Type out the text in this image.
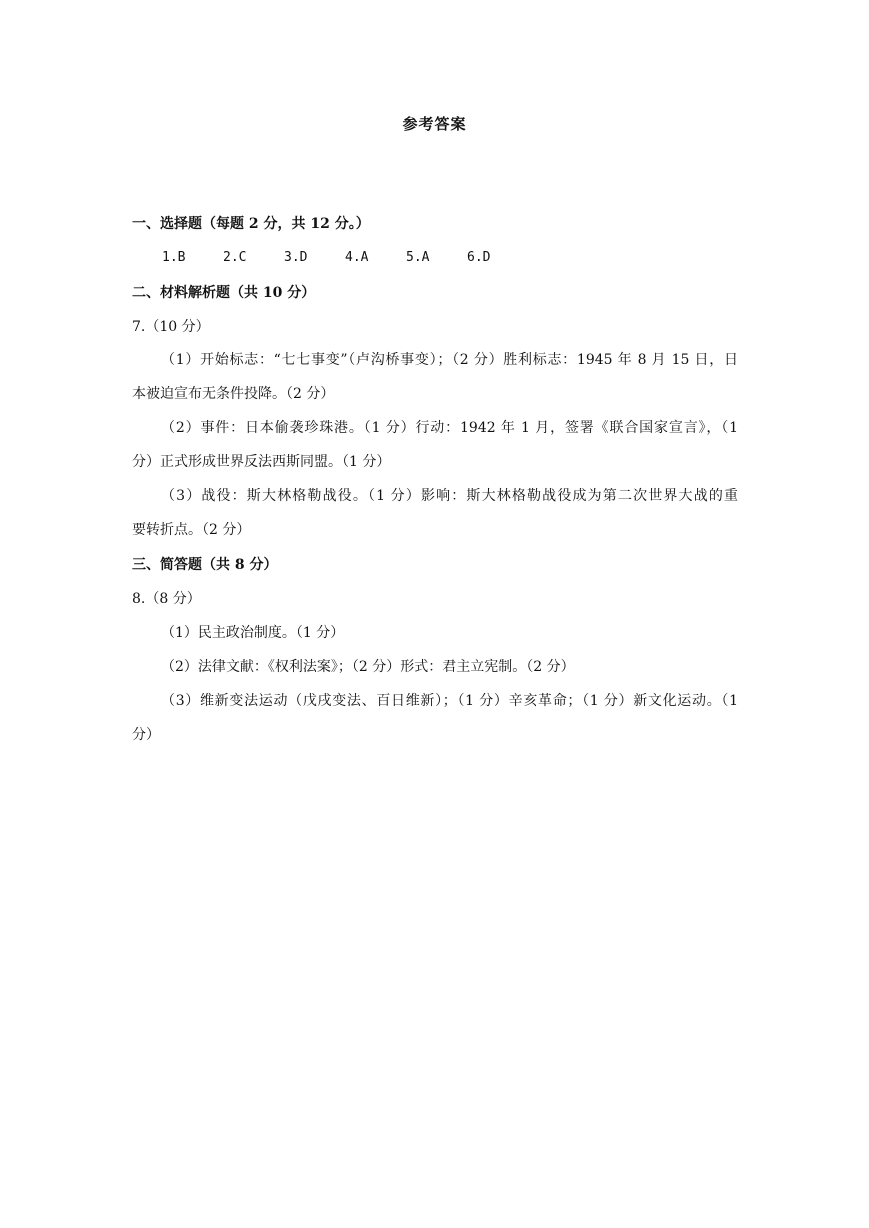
参考答案
一、选择题（每题 2 分，共 12 分。）
1.B	2.C	3.D	4.A	5.A	6.D
二、材料解析题（共 10 分）
7.（10 分）
（1）开始标志：“七七事变”（卢沟桥事变）；（2 分）胜利标志：1945 年 8 月 15 日，日
本被迫宣布无条件投降。（2 分）
（2）事件：日本偷袭珍珠港。（1 分）行动：1942 年 1 月，签署《联合国家宣言》，（1
分）正式形成世界反法西斯同盟。（1 分）
（3）战役：斯大林格勒战役。（1 分）影响：斯大林格勒战役成为第二次世界大战的重
要转折点。（2 分）
三、简答题（共 8 分）
8.（8 分）
（1）民主政治制度。（1 分）
（2）法律文献：《权利法案》；（2 分）形式：君主立宪制。（2 分）
（3）维新变法运动（戊戌变法、百日维新）；（1 分）辛亥革命；（1 分）新文化运动。（1
分）
